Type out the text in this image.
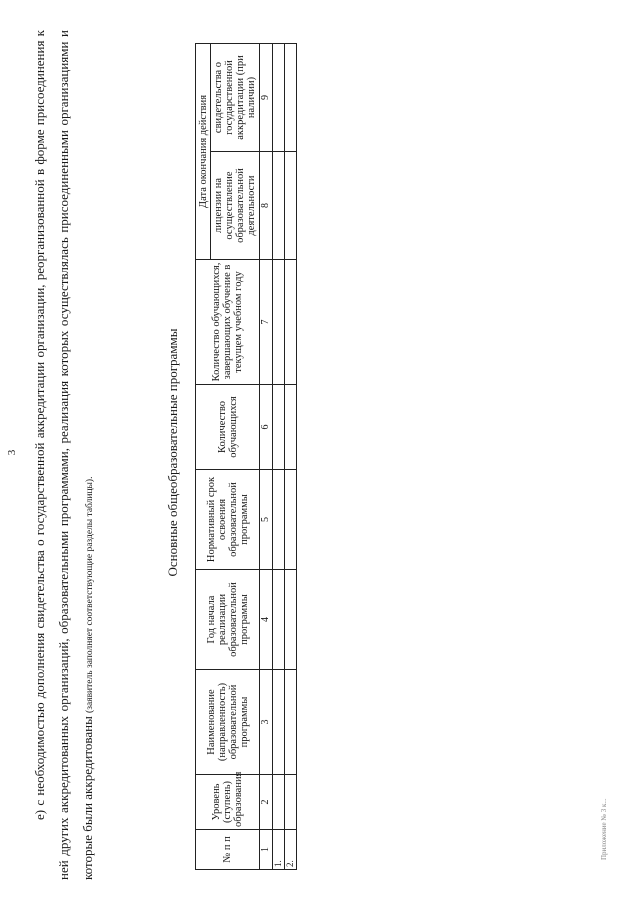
3	е) с необходимостью дополнения свидетельства о государственной аккредитации организации, реорганизованной в форме присоединения к ней других аккредитованных организаций, образовательными программами, реализация которых осуществлялась присоединенными организациями и которые были аккредитованы (заявитель заполняет соответствующие разделы таблицы).
Основные общеобразовательные программы
№ п п	Уровень (ступень) образования	Наименование (направленность) образовательной программы	Год начала реализации образовательной программы	Нормативный срок освоения образовательной программы	Количество обучающихся	Количество обучающихся, завершающих обучение в текущем учебном году	Дата окончания действия	
							лицензии на осуществление образовательной деятельности	свидетельства о государственной аккредитации (при наличии)
1	2	3	4	5	6	7	8	9
1.								
2.								
Приложение № 3 к...
